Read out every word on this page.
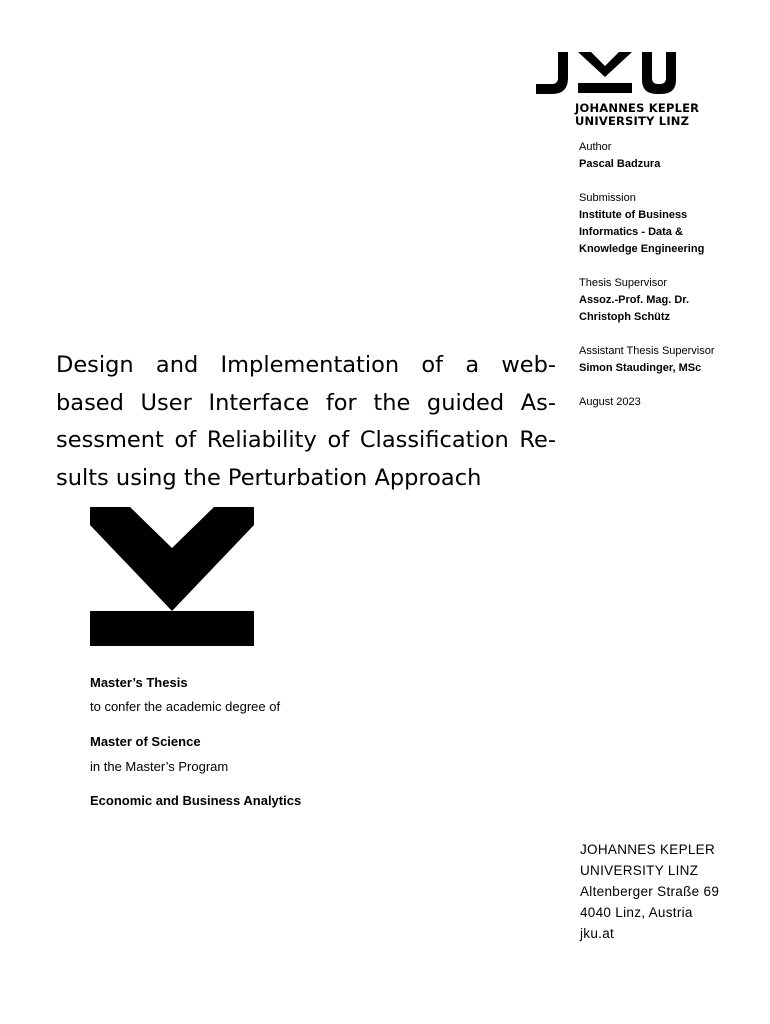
JOHANNES KEPLER
UNIVERSITY LINZ
Author
Pascal Badzura
Submission
Institute of Business
Informatics - Data &
Knowledge Engineering
Thesis Supervisor
Assoz.-Prof. Mag. Dr.
Christoph Schütz
Assistant Thesis Supervisor
Simon Staudinger, MSc
August 2023
Design and Implementation of a web-
based User Interface for the guided As-
sessment of Reliability of Classification Re-
sults using the Perturbation Approach
Master’s Thesis
to confer the academic degree of
Master of Science
in the Master’s Program
Economic and Business Analytics
JOHANNES KEPLER
UNIVERSITY LINZ
Altenberger Straße 69
4040 Linz, Austria
jku.at
